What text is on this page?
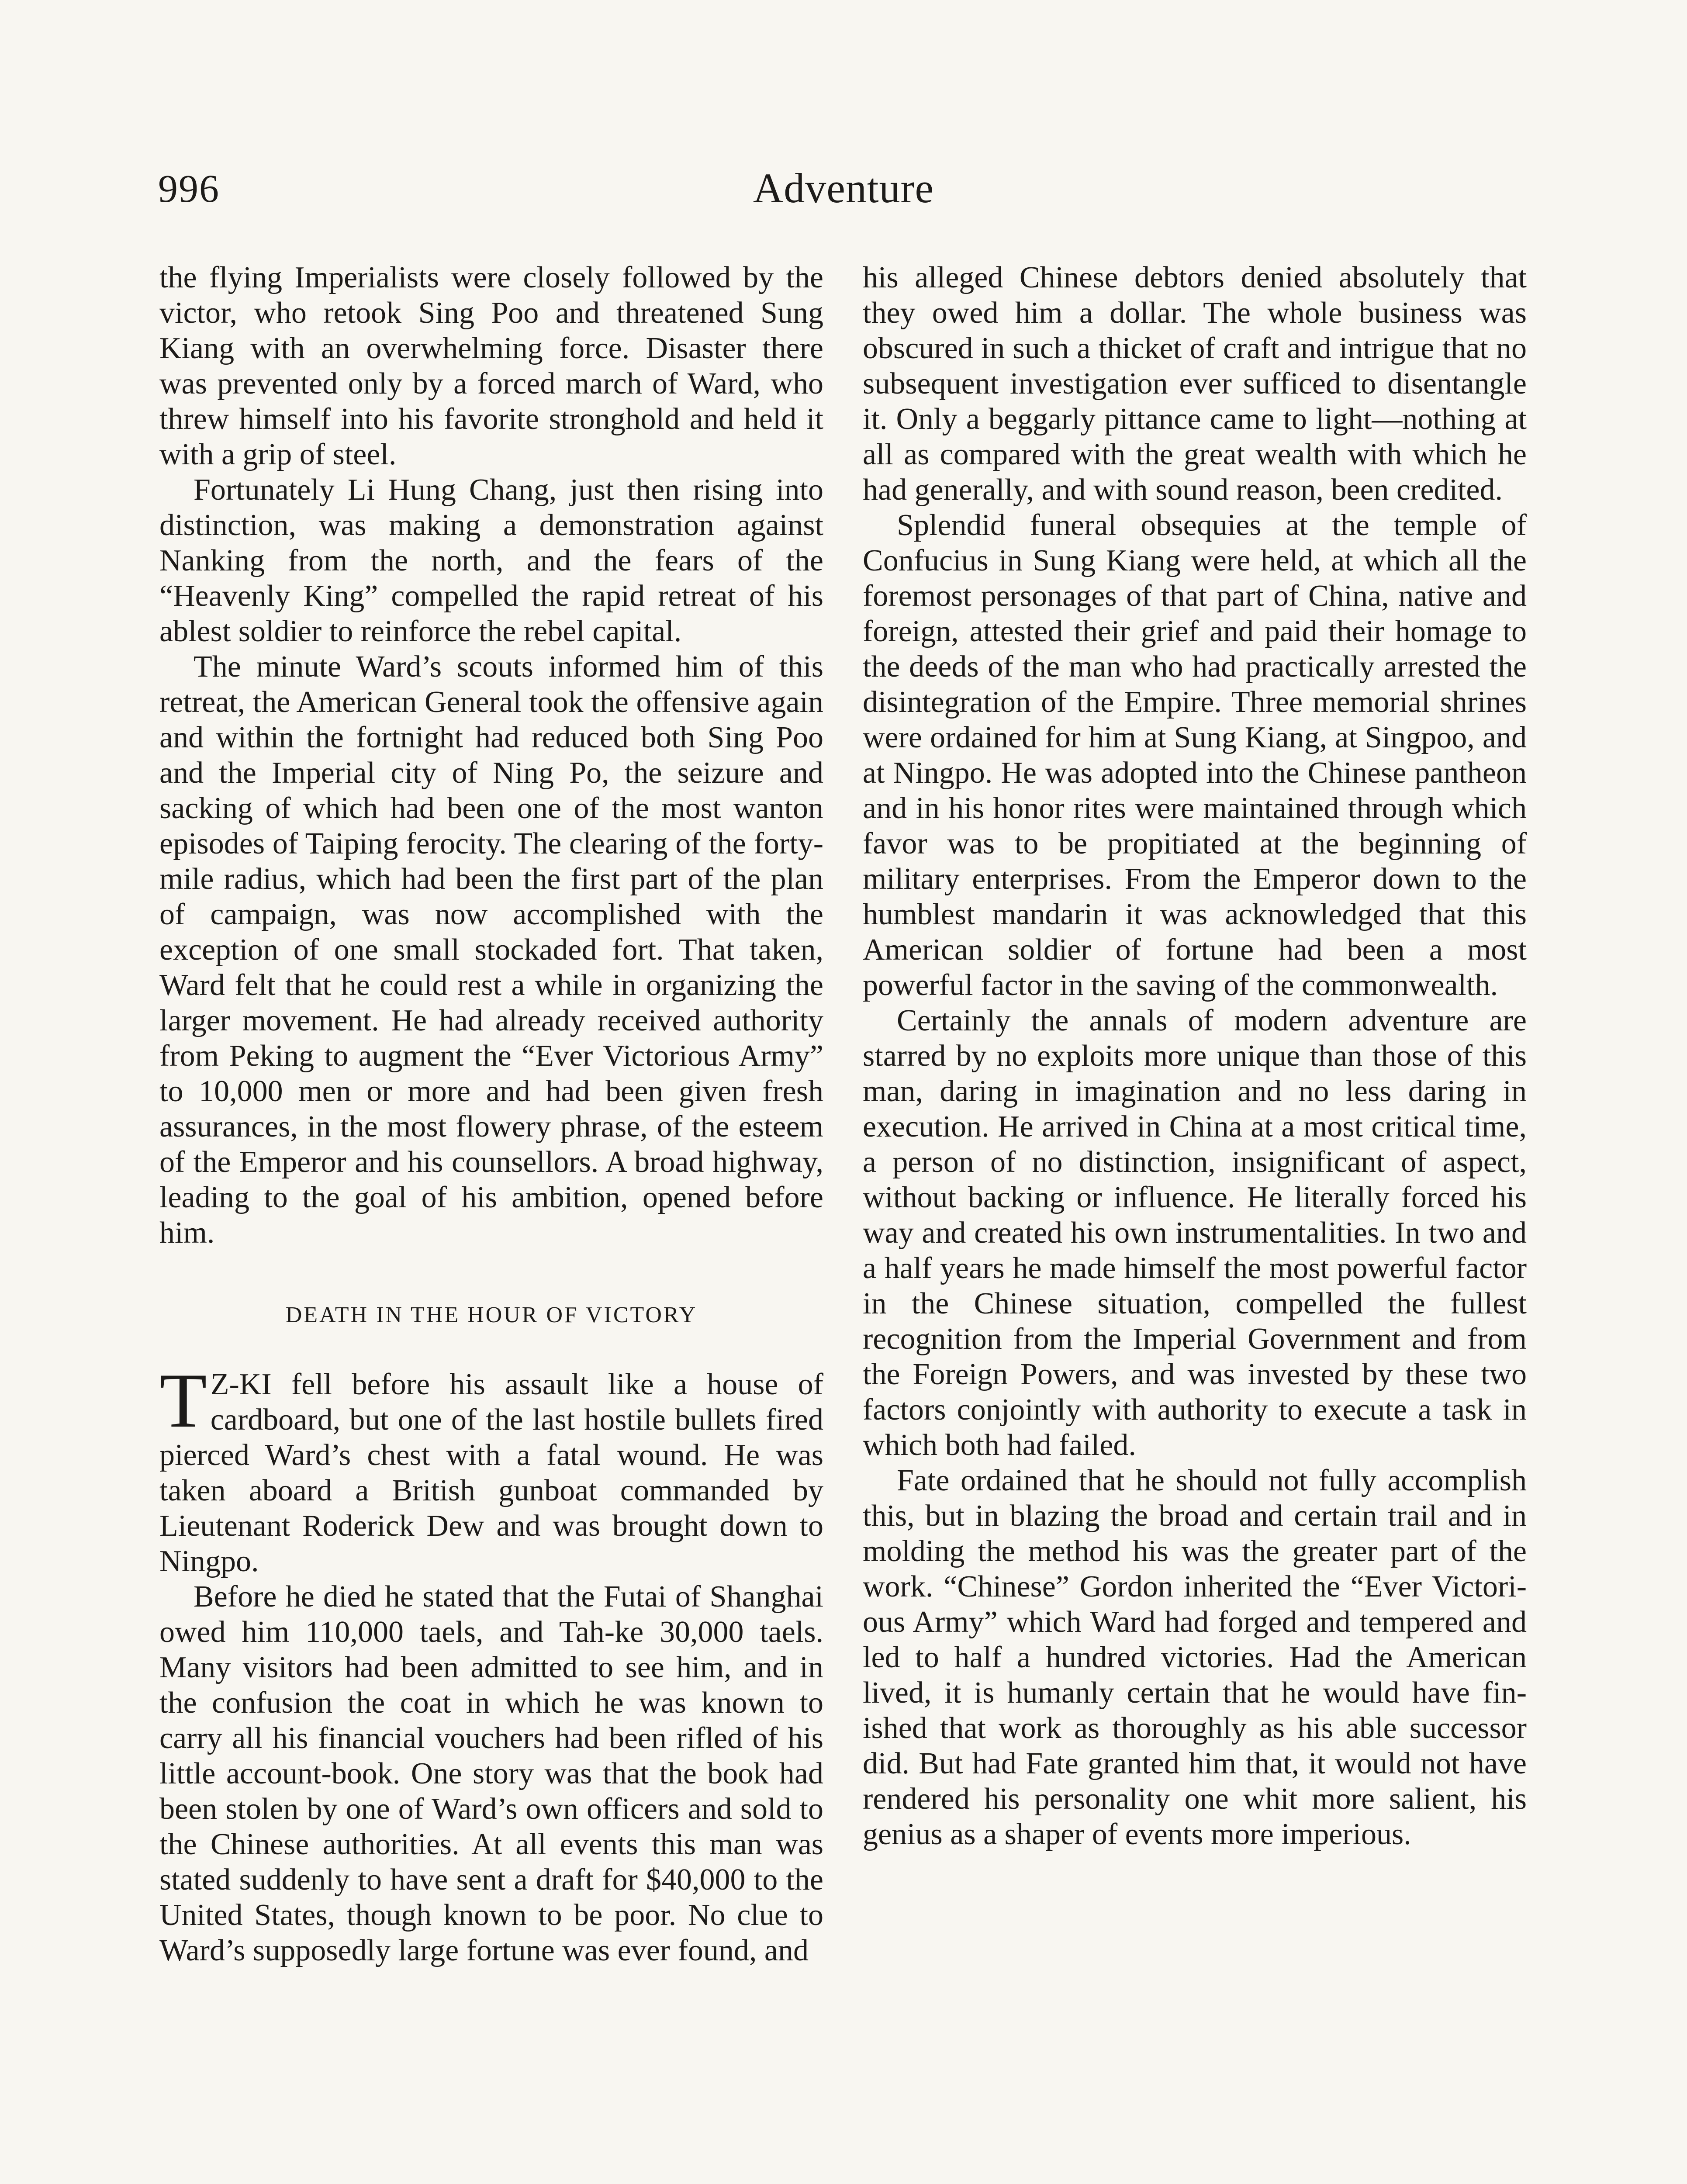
996	Adventure

the flying Imperialists were closely followed by the victor, who retook Sing Poo and threatened Sung Kiang with an overwhelming force. Disaster there was prevented only by a forced march of Ward, who threw himself into his favorite stronghold and held it with a grip of steel.

Fortunately Li Hung Chang, just then rising into distinction, was making a demonstration against Nanking from the north, and the fears of the “Heavenly King” compelled the rapid retreat of his ablest soldier to reinforce the rebel capital.

The minute Ward’s scouts informed him of this retreat, the American General took the offensive again and within the fortnight had reduced both Sing Poo and the Imperial city of Ning Po, the seizure and sacking of which had been one of the most wanton episodes of Taiping ferocity. The clearing of the forty-mile radius, which had been the first part of the plan of campaign, was now accomplished with the exception of one small stockaded fort. That taken, Ward felt that he could rest a while in organizing the larger movement. He had already received authority from Peking to augment the “Ever Victorious Army” to 10,000 men or more and had been given fresh assurances, in the most flowery phrase, of the esteem of the Emperor and his counsellors. A broad highway, leading to the goal of his ambition, opened before him.

DEATH IN THE HOUR OF VICTORY

T Z-KI fell before his assault like a house of cardboard, but one of the last hostile bullets fired pierced Ward’s chest with a fatal wound. He was taken aboard a British gunboat commanded by Lieutenant Roderick Dew and was brought down to Ningpo.

Before he died he stated that the Futai of Shanghai owed him 110,000 taels, and Tah-ke 30,000 taels. Many visitors had been admitted to see him, and in the confusion the coat in which he was known to carry all his financial vouchers had been rifled of his little account-book. One story was that the book had been stolen by one of Ward’s own officers and sold to the Chinese authorities. At all events this man was stated suddenly to have sent a draft for $40,000 to the United States, though known to be poor. No clue to Ward’s supposedly large fortune was ever found, and

his alleged Chinese debtors denied absolutely that they owed him a dollar. The whole business was obscured in such a thicket of craft and intrigue that no subsequent investigation ever sufficed to disentangle it. Only a beggarly pittance came to light—nothing at all as compared with the great wealth with which he had generally, and with sound reason, been credited.

Splendid funeral obsequies at the temple of Confucius in Sung Kiang were held, at which all the foremost personages of that part of China, native and foreign, attested their grief and paid their homage to the deeds of the man who had practically arrested the disintegration of the Empire. Three memorial shrines were ordained for him at Sung Kiang, at Singpoo, and at Ningpo. He was adopted into the Chinese pantheon and in his honor rites were maintained through which favor was to be propitiated at the beginning of military enterprises. From the Emperor down to the humblest mandarin it was acknowledged that this American soldier of fortune had been a most powerful factor in the saving of the commonwealth.

Certainly the annals of modern adventure are starred by no exploits more unique than those of this man, daring in imagination and no less daring in execution. He arrived in China at a most critical time, a person of no distinction, insignificant of aspect, without backing or influence. He literally forced his way and created his own instrumentalities. In two and a half years he made himself the most powerful factor in the Chinese situation, compelled the fullest recognition from the Imperial Government and from the Foreign Powers, and was invested by these two factors conjointly with authority to execute a task in which both had failed.

Fate ordained that he should not fully accomplish this, but in blazing the broad and certain trail and in molding the method his was the greater part of the work. “Chinese” Gordon inherited the “Ever Victorious Army” which Ward had forged and tempered and led to half a hundred victories. Had the American lived, it is humanly certain that he would have finished that work as thoroughly as his able successor did. But had Fate granted him that, it would not have rendered his personality one whit more salient, his genius as a shaper of events more imperious.
